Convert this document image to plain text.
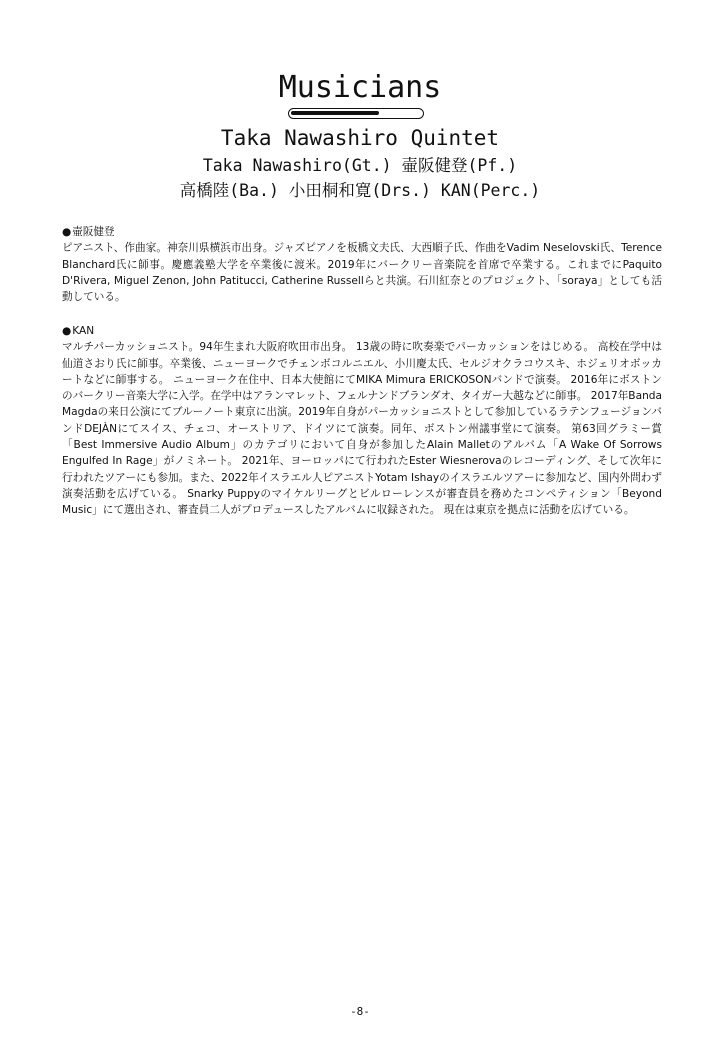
Musicians
Taka Nawashiro Quintet
Taka Nawashiro(Gt.) 壷阪健登(Pf.)
高橋陸(Ba.) 小田桐和寛(Drs.) KAN(Perc.)
●壷阪健登
ピアニスト、作曲家。神奈川県横浜市出身。ジャズピアノを板橋文夫氏、大西順子氏、作曲をVadim Neselovski氏、Terence Blanchard氏に師事。慶應義塾大学を卒業後に渡米。2019年にバークリー音楽院を首席で卒業する。これまでにPaquito D'Rivera, Miguel Zenon, John Patitucci, Catherine Russellらと共演。石川紅奈とのプロジェクト、「soraya」としても活動している。
●KAN
マルチパーカッショニスト。94年生まれ大阪府吹田市出身。 13歳の時に吹奏楽でパーカッションをはじめる。 高校在学中は仙道さおり氏に師事。卒業後、ニューヨークでチェンボコルニエル、小川慶太氏、セルジオクラコウスキ、ホジェリオボッカートなどに師事する。 ニューヨーク在住中、日本大使館にてMIKA Mimura ERICKOSONバンドで演奏。 2016年にボストンのバークリー音楽大学に入学。在学中はアランマレット、フェルナンドブランダオ、タイガー大越などに師事。 2017年Banda Magdaの来日公演にてブルーノート東京に出演。2019年自身がパーカッショニストとして参加しているラテンフュージョンバンドDEJÀNにてスイス、チェコ、オーストリア、ドイツにて演奏。同年、ボストン州議事堂にて演奏。 第63回グラミー賞「Best Immersive Audio Album」のカテゴリにおいて自身が参加したAlain Malletのアルバム「A Wake Of Sorrows Engulfed In Rage」がノミネート。 2021年、ヨーロッパにて行われたEster Wiesnerovaのレコーディング、そして次年に行われたツアーにも参加。また、2022年イスラエル人ピアニストYotam Ishayのイスラエルツアーに参加など、国内外問わず演奏活動を広げている。 Snarky Puppyのマイケルリーグとビルローレンスが審査員を務めたコンペティション「Beyond Music」にて選出され、審査員二人がプロデュースしたアルバムに収録された。 現在は東京を拠点に活動を広げている。
-8-
